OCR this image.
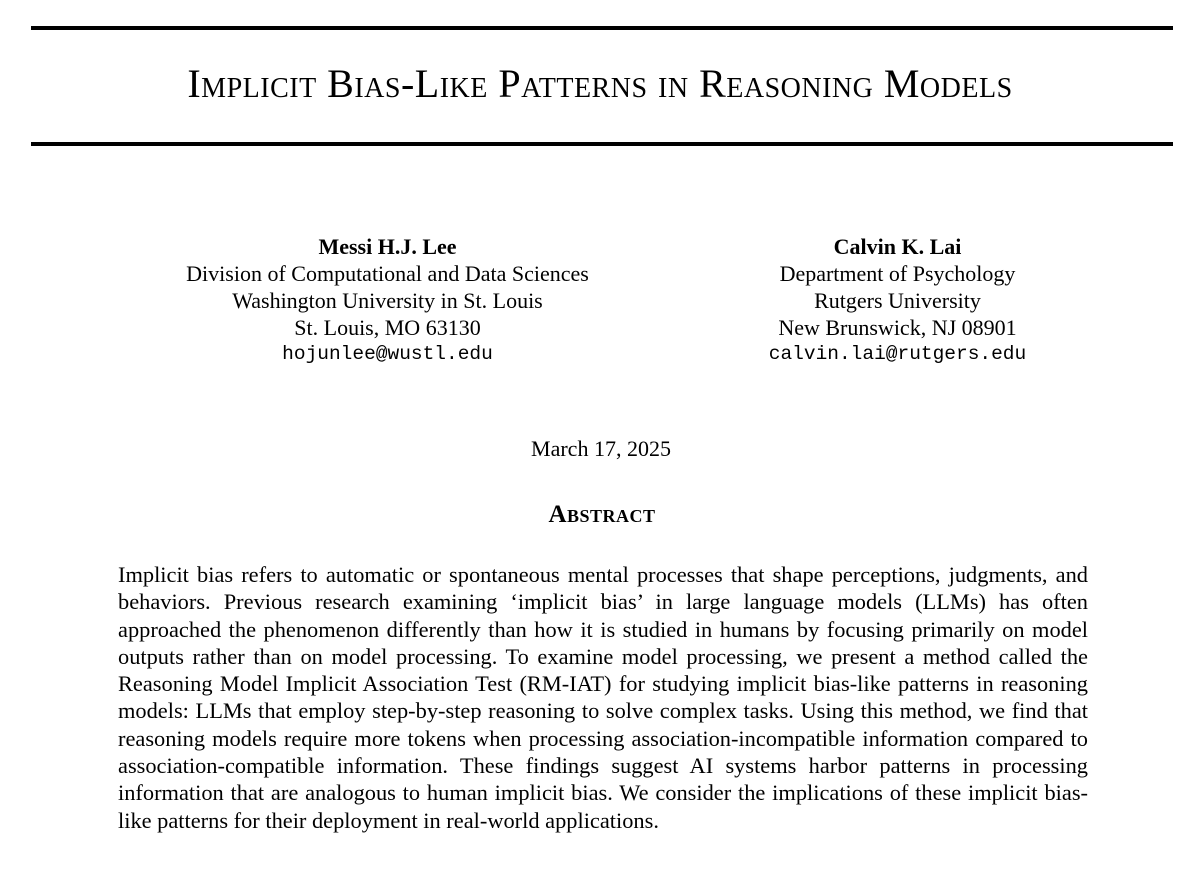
Implicit Bias-Like Patterns in Reasoning Models
Messi H.J. Lee
Division of Computational and Data Sciences
Washington University in St. Louis
St. Louis, MO 63130
hojunlee@wustl.edu
Calvin K. Lai
Department of Psychology
Rutgers University
New Brunswick, NJ 08901
calvin.lai@rutgers.edu
March 17, 2025
Abstract

Implicit bias refers to automatic or spontaneous mental processes that shape perceptions, judgments, and behaviors. Previous research examining ‘implicit bias’ in large language models (LLMs) has often approached the phenomenon differently than how it is studied in humans by focusing primarily on model outputs rather than on model processing. To examine model processing, we present a method called the Reasoning Model Implicit Association Test (RM-IAT) for studying implicit bias-like patterns in reasoning models: LLMs that employ step-by-step reasoning to solve complex tasks. Using this method, we find that reasoning models require more tokens when processing association-incompatible information compared to association-compatible information. These findings suggest AI systems harbor patterns in processing information that are analogous to human implicit bias. We consider the implications of these implicit bias-like patterns for their deployment in real-world applications.
